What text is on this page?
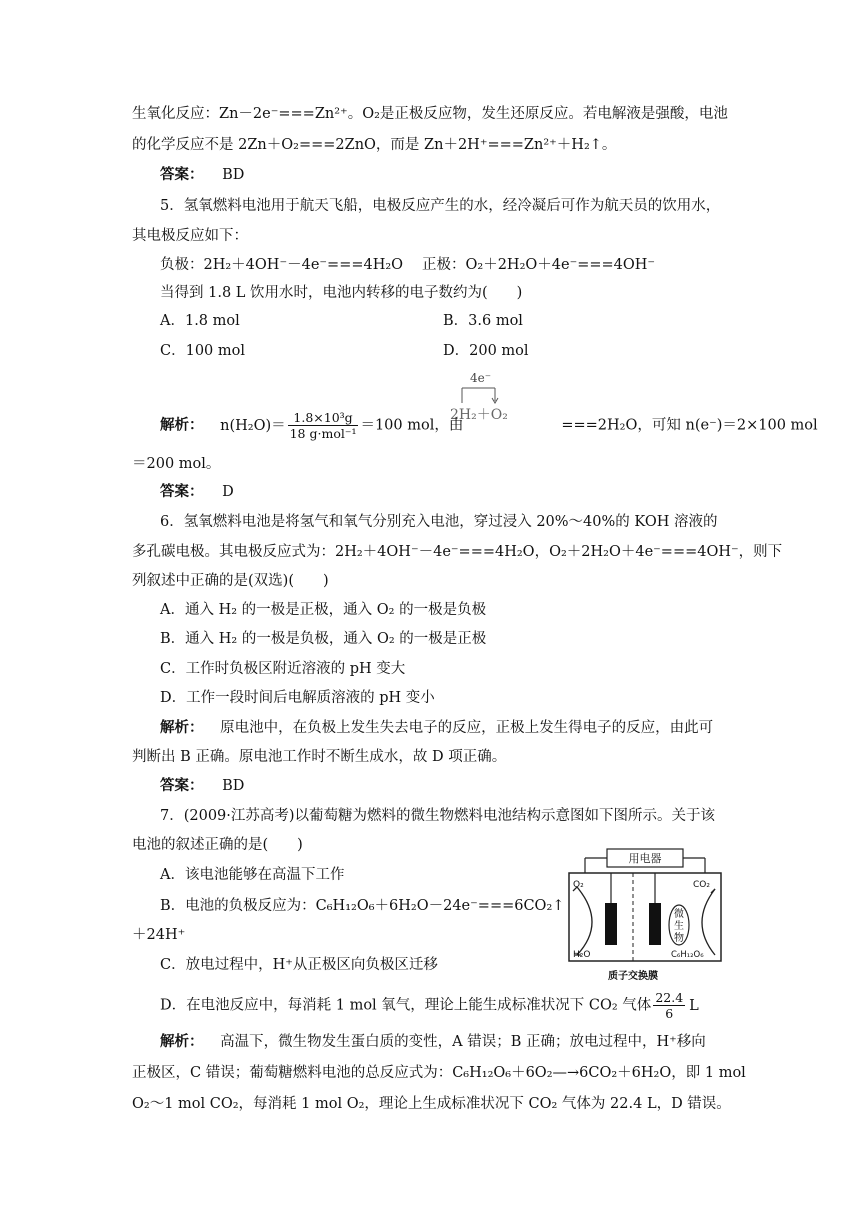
生氧化反应：Zn－2e⁻===Zn²⁺。O₂是正极反应物，发生还原反应。若电解液是强酸，电池
的化学反应不是 2Zn＋O₂===2ZnO，而是 Zn＋2H⁺===Zn²⁺＋H₂↑。
答案： BD
5．氢氧燃料电池用于航天飞船，电极反应产生的水，经冷凝后可作为航天员的饮用水，
其电极反应如下：
负极：2H₂＋4OH⁻－4e⁻===4H₂O 正极：O₂＋2H₂O＋4e⁻===4OH⁻
当得到 1.8 L 饮用水时，电池内转移的电子数约为(　　)
A．1.8 mol	B．3.6 mol
C．100 mol	D．200 mol
4e⁻
2H₂＋O₂
解析： $n(H_2O)= \frac{\text{1.8×10³g}}{\text{18 g·mol⁻¹}} =100$ mol，由	===2H₂O，可知 n(e⁻)＝2×100 mol
＝200 mol。
答案： D
6．氢氧燃料电池是将氢气和氧气分别充入电池，穿过浸入 20%～40%的 KOH 溶液的
多孔碳电极。其电极反应式为：2H₂＋4OH⁻－4e⁻===4H₂O，O₂＋2H₂O＋4e⁻===4OH⁻，则下
列叙述中正确的是(双选)(　　)
A．通入 H₂ 的一极是正极，通入 O₂ 的一极是负极
B．通入 H₂ 的一极是负极，通入 O₂ 的一极是正极
C．工作时负极区附近溶液的 pH 变大
D．工作一段时间后电解质溶液的 pH 变小
解析： 原电池中，在负极上发生失去电子的反应，正极上发生得电子的反应，由此可
判断出 B 正确。原电池工作时不断生成水，故 D 项正确。
答案： BD
7．(2009·江苏高考)以葡萄糖为燃料的微生物燃料电池结构示意图如下图所示。关于该
电池的叙述正确的是(　　)
A．该电池能够在高温下工作
B．电池的负极反应为：C₆H₁₂O₆＋6H₂O－24e⁻===6CO₂↑
＋24H⁺
C．放电过程中，H⁺从正极区向负极区迁移
D．在电池反应中，每消耗 1 mol 氧气，理论上能生成标准状况下 CO₂ 气体 $\frac{22.4}{6}$ L
用电器
微
生
物
O₂
H₂O
CO₂
C₆H₁₂O₆
质子交换膜
解析： 高温下，微生物发生蛋白质的变性，A 错误；B 正确；放电过程中，H⁺移向
正极区，C 错误；葡萄糖燃料电池的总反应式为：C₆H₁₂O₆＋6O₂—→6CO₂＋6H₂O，即 1 mol
O₂～1 mol CO₂，每消耗 1 mol O₂，理论上生成标准状况下 CO₂ 气体为 22.4 L，D 错误。
